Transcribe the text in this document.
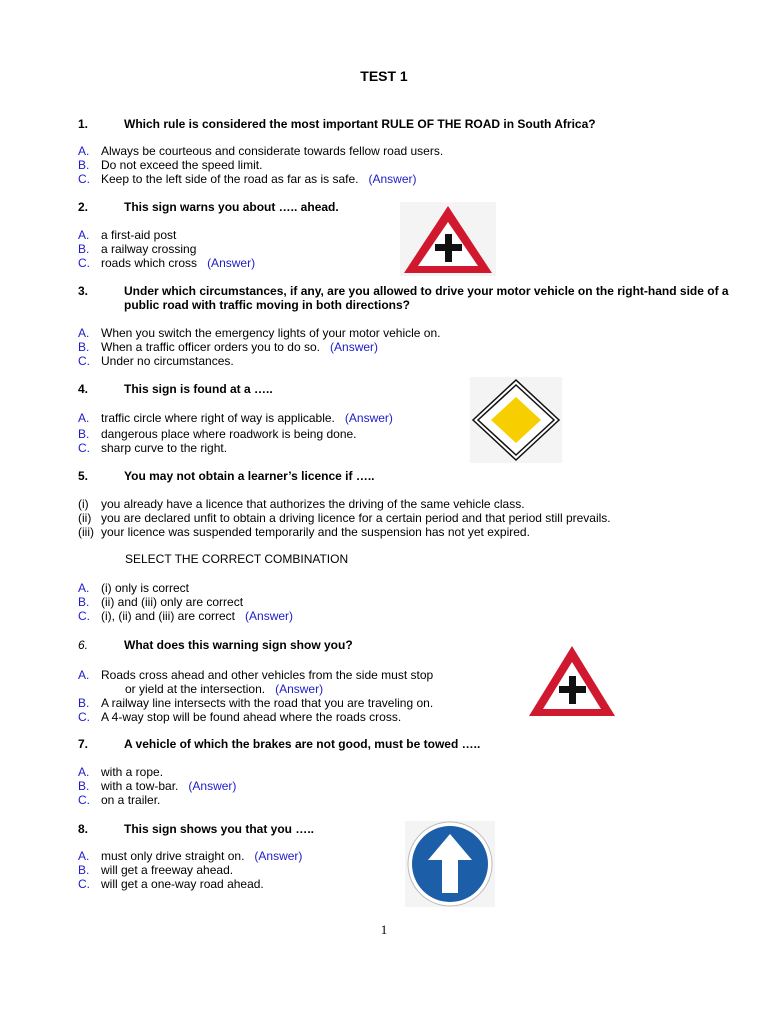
TEST 1
1.	Which rule is considered the most important RULE OF THE ROAD in South Africa?
A. Always be courteous and considerate towards fellow road users.
B. Do not exceed the speed limit.
C. Keep to the left side of the road as far as is safe. (Answer)
2.	This sign warns you about ….. ahead.
A. a first-aid post
B. a railway crossing
C. roads which cross (Answer)
3.	Under which circumstances, if any, are you allowed to drive your motor vehicle on the right-hand side of a public road with traffic moving in both directions?
A. When you switch the emergency lights of your motor vehicle on.
B. When a traffic officer orders you to do so. (Answer)
C. Under no circumstances.
4.	This sign is found at a …..
A. traffic circle where right of way is applicable. (Answer)
B. dangerous place where roadwork is being done.
C. sharp curve to the right.
5.	You may not obtain a learner’s licence if …..
(i) you already have a licence that authorizes the driving of the same vehicle class.
(ii) you are declared unfit to obtain a driving licence for a certain period and that period still prevails.
(iii) your licence was suspended temporarily and the suspension has not yet expired.
SELECT THE CORRECT COMBINATION
A. (i) only is correct
B. (ii) and (iii) only are correct
C. (i), (ii) and (iii) are correct (Answer)
6.	What does this warning sign show you?
A. Roads cross ahead and other vehicles from the side must stop
or yield at the intersection. (Answer)
B. A railway line intersects with the road that you are traveling on.
C. A 4-way stop will be found ahead where the roads cross.
7.	A vehicle of which the brakes are not good, must be towed …..
A. with a rope.
B. with a tow-bar. (Answer)
C. on a trailer.
8.	This sign shows you that you …..
A. must only drive straight on. (Answer)
B. will get a freeway ahead.
C. will get a one-way road ahead.
1
